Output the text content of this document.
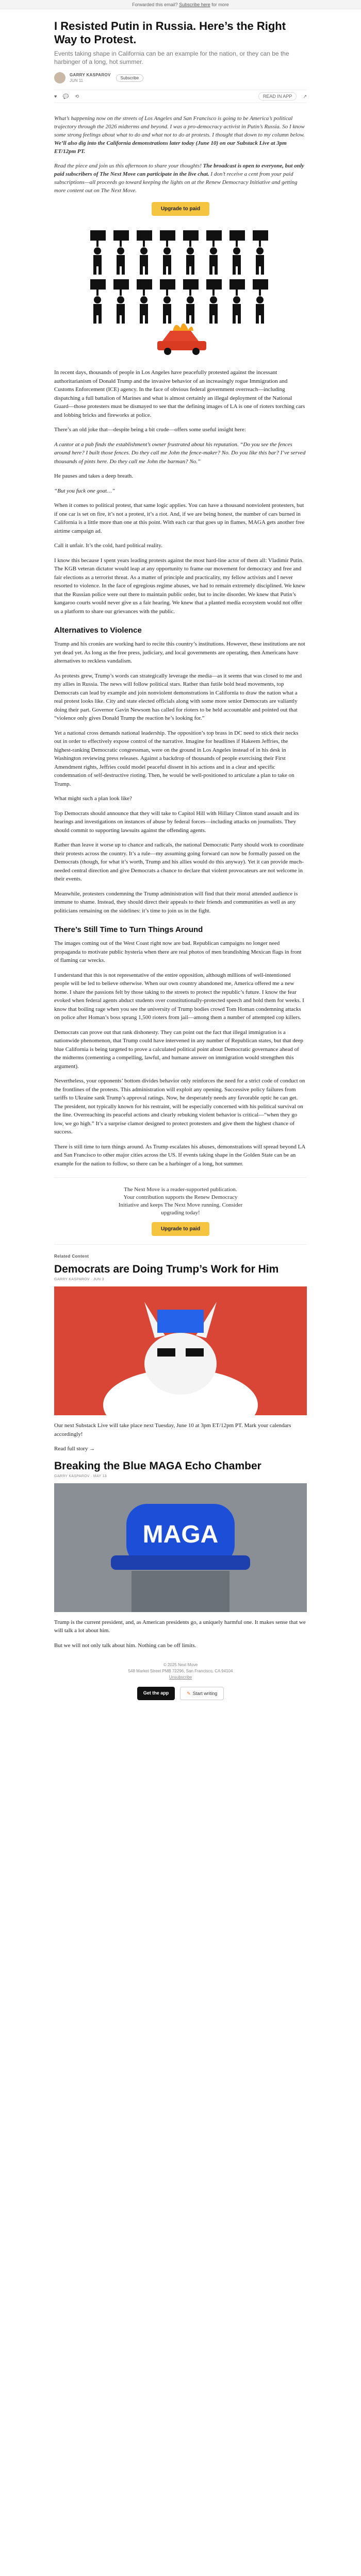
Forwarded this email? Subscribe here for more
I Resisted Putin in Russia. Here’s the Right Way to Protest.
Events taking shape in California can be an example for the nation, or they can be the harbinger of a long, hot summer.
GARRY KASPAROV
JUN 11
Subscribe
♥ 💬 ⟲	READ IN APP	↗

What’s happening now on the streets of Los Angeles and San Francisco is going to be America’s political trajectory through the 2026 midterms and beyond. I was a pro-democracy activist in Putin’s Russia. So I know some strong feelings about what to do and what not to do at protests. I thought that down to my column below. We’ll also dig into the California demonstrations later today (June 10) on our Substack Live at 3pm ET/12pm PT.

Read the piece and join us this afternoon to share your thoughts! The broadcast is open to everyone, but only paid subscribers of The Next Move can participate in the live chat. I don’t receive a cent from your paid subscriptions—all proceeds go toward keeping the lights on at the Renew Democracy Initiative and getting more content out on The Next Move.

Upgrade to paid

In recent days, thousands of people in Los Angeles have peacefully protested against the incessant authoritarianism of Donald Trump and the invasive behavior of an increasingly rogue Immigration and Customs Enforcement (ICE) agency. In the face of obvious federal government overreach—including dispatching a full battalion of Marines and what is almost certainly an illegal deployment of the National Guard—those protesters must be dismayed to see that the defining images of LA is one of rioters torching cars and lobbing bricks and fireworks at police.

There’s an old joke that—despite being a bit crude—offers some useful insight here:

A cantor at a pub finds the establishment’s owner frustrated about his reputation. “Do you see the fences around here? I built those fences. Do they call me John the fence-maker? No. Do you like this bar? I’ve served thousands of pints here. Do they call me John the barman? No.”

He pauses and takes a deep breath.

“But you fuck one goat…”

When it comes to political protest, that same logic applies. You can have a thousand nonviolent protesters, but if one car is set on fire, it’s not a protest, it’s a riot. And, if we are being honest, the number of cars burned in California is a little more than one at this point. With each car that goes up in flames, MAGA gets another free airtime campaign ad.

Call it unfair. It’s the cold, hard political reality.

I know this because I spent years leading protests against the most hard-line actor of them all: Vladimir Putin. The KGB veteran dictator would leap at any opportunity to frame our movement for democracy and free and fair elections as a terrorist threat. As a matter of principle and practicality, my fellow activists and I never resorted to violence. In the face of egregious regime abuses, we had to remain extremely disciplined. We knew that the Russian police were out there to maintain public order, but to incite disorder. We knew that Putin’s kangaroo courts would never give us a fair hearing. We knew that a planted media ecosystem would not offer us a platform to share our grievances with the public.

Alternatives to Violence

Trump and his cronies are working hard to recite this country’s institutions. However, these institutions are not yet dead yet. As long as the free press, judiciary, and local governments are operating, then Americans have alternatives to reckless vandalism.

As protests grew, Trump’s words can strategically leverage the media—as it seems that was closed to me and my allies in Russia. The news will follow political stars. Rather than futile bold head movements, top Democrats can lead by example and join nonviolent demonstrations in California to draw the nation what a real protest looks like. City and state elected officials along with some more senior Democrats are valiantly doing their part. Governor Gavin Newsom has called for rioters to be held accountable and pointed out that “violence only gives Donald Trump the reaction he’s looking for.”

Yet a national cross demands national leadership. The opposition’s top brass in DC need to stick their necks out in order to effectively expose control of the narrative. Imagine for headlines if Hakeem Jeffries, the highest-ranking Democratic congressman, were on the ground in Los Angeles instead of in his desk in Washington reviewing press releases. Against a backdrop of thousands of people exercising their First Amendment rights, Jeffries could model peaceful dissent in his actions and in a clear and specific condemnation of self-destructive rioting. Then, he would be well-positioned to articulate a plan to take on Trump.

What might such a plan look like?

Top Democrats should announce that they will take to Capitol Hill with Hillary Clinton stand assault and its hearings and investigations on instances of abuse by federal forces—including attacks on journalists. They should commit to supporting lawsuits against the offending agents.

Rather than leave it worse up to chance and radicals, the national Democratic Party should work to coordinate their protests across the country. It’s a rule—my assuming going forward can now be formally passed on the Democrats (though, for what it’s worth, Trump and his allies would do this anyway). Yet it can provide much-needed central direction and give Democrats a chance to declare that violent provocateurs are not welcome in their events.

Meanwhile, protesters condemning the Trump administration will find that their moral attended audience is immune to shame. Instead, they should direct their appeals to their friends and communities as well as any politicians remaining on the sidelines: it’s time to join us in the fight.

There’s Still Time to Turn Things Around

The images coming out of the West Coast right now are bad. Republican campaigns no longer need propaganda to motivate public hysteria when there are real photos of men brandishing Mexican flags in front of flaming car wrecks.

I understand that this is not representative of the entire opposition, although millions of well-intentioned people will be led to believe otherwise. When our own country abandoned me, America offered me a new home. I share the passions felt by those taking to the streets to protect the republic’s future. I know the fear evoked when federal agents abduct students over constitutionally-protected speech and hold them for weeks. I know that boiling rage when you see the university of Trump bodies crowd Tom Homan condemning attacks on police after Homan’s boss sprang 1,500 rioters from jail—among them a number of attempted cop killers.

Democrats can prove out that rank dishonesty. They can point out the fact that illegal immigration is a nationwide phenomenon, that Trump could have intervened in any number of Republican states, but that deep blue California is being targeted to prove a calculated political point about Democratic governance ahead of the midterms (cementing a compelling, lawful, and humane answer on immigration would strengthen this argument).

Nevertheless, your opponents’ bottom divides behavior only reinforces the need for a strict code of conduct on the frontlines of the protests. This administration will exploit any opening. Successive policy failures from tariffs to Ukraine sank Trump’s approval ratings. Now, he desperately needs any favorable optic he can get. The president, not typically known for his restraint, will be especially concerned with his political survival on the line. Overreaching its peaceful actions and clearly rebuking violent behavior is critical—“when they go low, we go high.” It’s a surprise clamor designed to protect protesters and give them the highest chance of success.

There is still time to turn things around. As Trump escalates his abuses, demonstrations will spread beyond LA and San Francisco to other major cities across the US. If events taking shape in the Golden State can be an example for the nation to follow, so there can be a harbinger of a long, hot summer.

The Next Move is a reader-supported publication.

Your contribution supports the Renew Democracy

Initiative and keeps The Next Move running. Consider

upgrading today!

Upgrade to paid
Related Content
Democrats are Doing Trump’s Work for Him
GARRY KASPAROV · JUN 3

Our next Substack Live will take place next Tuesday, June 10 at 3pm ET/12pm PT. Mark your calendars accordingly!

Read full story →

Breaking the Blue MAGA Echo Chamber
GARRY KASPAROV · MAY 13
MAGA

Trump is the current president, and, as American presidents go, a uniquely harmful one. It makes sense that we will talk a lot about him.

But we will not only talk about him. Nothing can be off limits.

© 2025 Next Move
548 Market Street PMB 72296, San Francisco, CA 94104
Unsubscribe
Get the app	✎ Start writing
